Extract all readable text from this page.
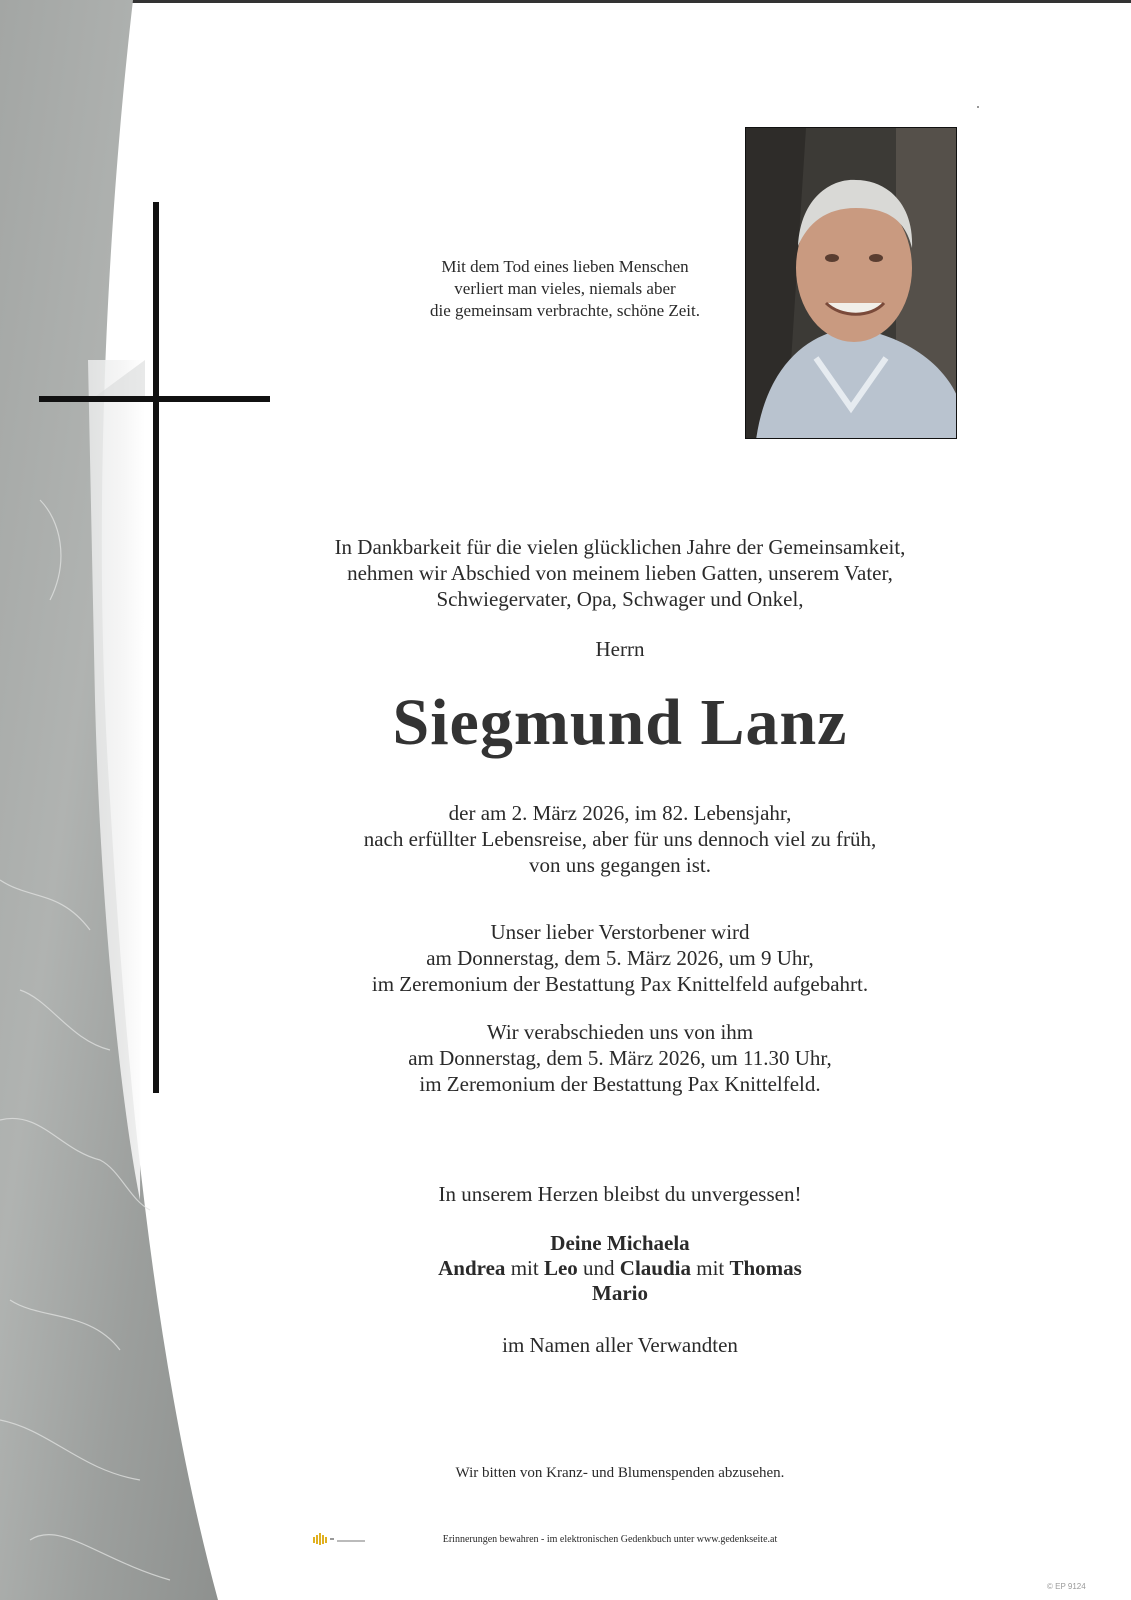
Mit dem Tod eines lieben Menschen
verliert man vieles, niemals aber
die gemeinsam verbrachte, schöne Zeit.
In Dankbarkeit für die vielen glücklichen Jahre der Gemeinsamkeit,
nehmen wir Abschied von meinem lieben Gatten, unserem Vater,
Schwiegervater, Opa, Schwager und Onkel,
Herrn
Siegmund Lanz
der am 2. März 2026, im 82. Lebensjahr,
nach erfüllter Lebensreise, aber für uns dennoch viel zu früh,
von uns gegangen ist.
Unser lieber Verstorbener wird
am Donnerstag, dem 5. März 2026, um 9 Uhr,
im Zeremonium der Bestattung Pax Knittelfeld aufgebahrt.
Wir verabschieden uns von ihm
am Donnerstag, dem 5. März 2026, um 11.30 Uhr,
im Zeremonium der Bestattung Pax Knittelfeld.
In unserem Herzen bleibst du unvergessen!
Deine Michaela
Andrea mit Leo und Claudia mit Thomas
Mario
im Namen aller Verwandten
Wir bitten von Kranz- und Blumenspenden abzusehen.
Erinnerungen bewahren - im elektronischen Gedenkbuch unter www.gedenkseite.at
© EP 9124
